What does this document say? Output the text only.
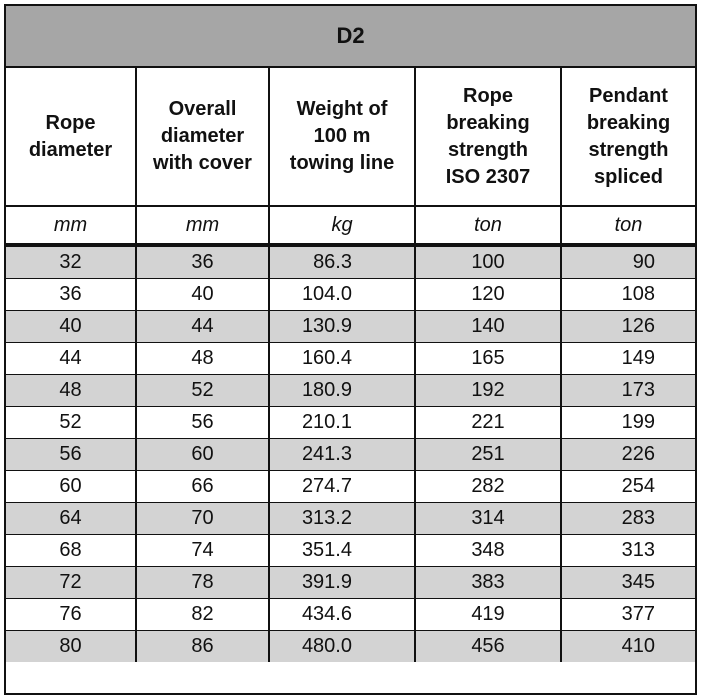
D2				
Rope
diameter	Overall
diameter
with cover	Weight of
100 m
towing line	Rope
breaking
strength
ISO 2307	Pendant
breaking
strength
spliced
mm	mm	kg	ton	ton
32	36	86.3	100	90
36	40	104.0	120	108
40	44	130.9	140	126
44	48	160.4	165	149
48	52	180.9	192	173
52	56	210.1	221	199
56	60	241.3	251	226
60	66	274.7	282	254
64	70	313.2	314	283
68	74	351.4	348	313
72	78	391.9	383	345
76	82	434.6	419	377
80	86	480.0	456	410
